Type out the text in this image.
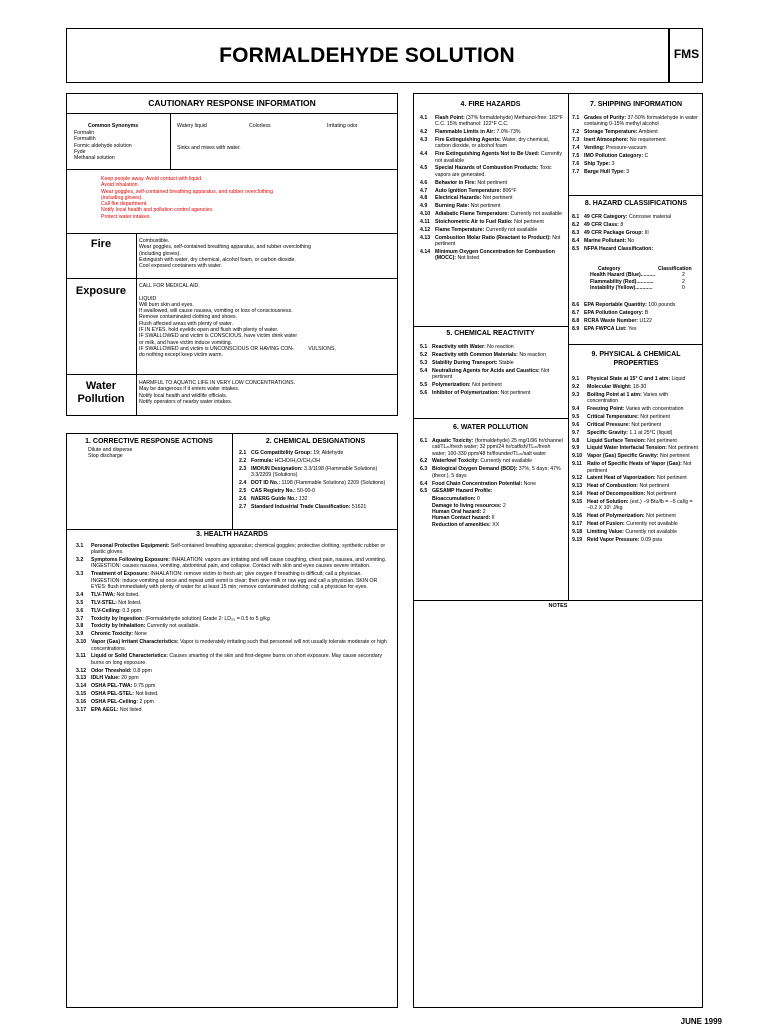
FORMALDEHYDE SOLUTION	FMS
CAUTIONARY RESPONSE INFORMATION
Common Synonyms
Formalin
Formalith
Formic aldehyde solution
Fyde
Methanal solution
Watery liquid	Colorless	Irritating odor
Sinks and mixes with water.
Keep people away. Avoid contact with liquid.
Avoid inhalation.
Wear goggles, self-contained breathing apparatus, and rubber overclothing
(including gloves).
Call fire department.
Notify local health and pollution control agencies.
Protect water intakes.
Fire	Combustible.
Wear goggles, self-contained breathing apparatus, and rubber overclothing
(including gloves).
Extinguish with water, dry chemical, alcohol foam, or carbon dioxide.
Cool exposed containers with water.
Exposure	CALL FOR MEDICAL AID.
LIQUID
Will burn skin and eyes.
If swallowed, will cause nausea, vomiting or loss of consciousness.
Remove contaminated clothing and shoes.
Flush affected areas with plenty of water.
IF IN EYES, hold eyelids open and flush with plenty of water.
IF SWALLOWED and victim is CONSCIOUS, have victim drink water
or milk, and have victim induce vomiting.
IF SWALLOWED and victim is UNCONSCIOUS OR HAVING CON-          VULSIONS,
do nothing except keep victim warm.
Water
Pollution
HARMFUL TO AQUATIC LIFE IN VERY LOW CONCENTRATIONS.
May be dangerous if it enters water intakes.
Notify local health and wildlife officials.
Notify operators of nearby water intakes.
1. CORRECTIVE RESPONSE ACTIONS
Dilute and disperse
Stop discharge
2. CHEMICAL DESIGNATIONS
2.1 CG Compatibility Group: 19; Aldehyde
2.2 Formula: HCHO/H₂O/CH₃OH
2.3 IMO/UN Designation: 3.3/1198 (Flammable Solutions) 3.3/2209 (Solutions)
2.4 DOT ID No.: 1198 (Flammable Solutions) 2209 (Solutions)
2.5 CAS Registry No.: 50-00-0
2.6 NAERG Guide No.: 132
2.7 Standard Industrial Trade Classification: 51621
3. HEALTH HAZARDS
3.1	Personal Protective Equipment: Self-contained breathing apparatus; chemical goggles; protective clothing; synthetic rubber or plastic gloves.
3.2	Symptoms Following Exposure: INHALATION: vapors are irritating and will cause coughing, chest pain, nausea, and vomiting. INGESTION: causes nausea, vomiting, abdominal pain, and collapse. Contact with skin and eyes causes severe irritation.
3.3	Treatment of Exposure: INHALATION: remove victim to fresh air; give oxygen if breathing is difficult; call a physician. INGESTION: induce vomiting at once and repeat until vomit is clear; then give milk or raw egg and call a physician. SKIN OR EYES: flush immediately with plenty of water for at least 15 min; remove contaminated clothing; call a physician for eyes.
3.4	TLV-TWA: Not listed.
3.5	TLV-STEL: Not listed.
3.6	TLV-Ceiling: 0.3 ppm
3.7	Toxicity by Ingestion: (Formaldehyde solution) Grade 2: LD₅₀ = 0.5 to 5 g/kg
3.8	Toxicity by Inhalation: Currently not available.
3.9	Chronic Toxicity: None
3.10 Vapor (Gas) Irritant Characteristics: Vapor is moderately irritating such that personnel will not usually tolerate moderate or high concentrations.
3.11 Liquid or Solid Characteristics: Causes smarting of the skin and first-degree burns on short exposure. May cause secondary burns on long exposure.
3.12 Odor Threshold: 0.8 ppm
3.13 IDLH Value: 20 ppm
3.14 OSHA PEL-TWA: 0.75 ppm
3.15 OSHA PEL-STEL: Not listed.
3.16 OSHA PEL-Ceiling: 2 ppm
3.17 EPA AEGL: Not listed
4. FIRE HAZARDS
4.1	Flash Point: (37% formaldehyde) Methanol-free: 182°F C.C. 15% methanol: 122°F C.C.
4.2	Flammable Limits in Air: 7.0%-73%
4.3	Fire Extinguishing Agents: Water, dry chemical, carbon dioxide, or alcohol foam
4.4	Fire Extinguishing Agents Not to Be Used: Currently not available
4.5	Special Hazards of Combustion Products: Toxic vapors are generated.
4.6	Behavior in Fire: Not pertinent
4.7	Auto Ignition Temperature: 806°F
4.8	Electrical Hazards: Not pertinent
4.9	Burning Rate: Not pertinent
4.10 Adiabatic Flame Temperature: Currently not available
4.11 Stoichometric Air to Fuel Ratio: Not pertinent
4.12 Flame Temperature: Currently not available
4.13 Combustion Molar Ratio (Reactant to Product): Not pertinent
4.14 Minimum Oxygen Concentration for Combustion (MOCC): Not listed
5. CHEMICAL REACTIVITY
5.1 Reactivity with Water: No reaction
5.2 Reactivity with Common Materials: No reaction
5.3 Stability During Transport: Stable
5.4 Neutralizing Agents for Acids and Caustics: Not pertinent
5.5 Polymerization: Not pertinent
5.6 Inhibitor of Polymerization: Not pertinent
6. WATER POLLUTION
6.1 Aquatic Toxicity: (formaldehyde) 25 mg/1/96 hr/channel cat/TLₘ/fresh water; 32 ppm/24 hr/catfish/TLₘ/fresh water; 100-330 ppm/48 hr/flounder/TLₘ/salt water
6.2 Waterfowl Toxicity: Currently not available
6.3 Biological Oxygen Demand (BOD): 37%, 5 days; 47% (theor.), 5 days
6.4 Food Chain Concentration Potential: None
6.5 GESAMP Hazard Profile:
Bioaccumulation: 0
Damage to living resources: 2
Human Oral hazard: 2
Human Contact hazard: II
Reduction of amenities: XX
7. SHIPPING INFORMATION
7.1 Grades of Purity: 37-50% formaldehyde in water containing 0-15% methyl alcohol
7.2 Storage Temperature: Ambient
7.3 Inert Atmosphere: No requirement
7.4 Venting: Pressure-vacuum
7.5 IMO Pollution Category: C
7.6 Ship Type: 3
7.7 Barge Hull Type: 3
8. HAZARD CLASSIFICATIONS
8.1 49 CFR Category: Corrosive material
8.2 49 CFR Class: 8
8.3 49 CFR Package Group: III
8.4 Marine Pollutant: No
8.5 NFPA Hazard Classification:
Category	Classification
Health Hazard (Blue)..........	2
Flammability (Red)............	2
Instability (Yellow)............	0
8.6 EPA Reportable Quantity: 100 pounds
8.7 EPA Pollution Category: B
8.8 RCRA Waste Number: U122
8.9 EPA FWPCA List: Yes
9. PHYSICAL & CHEMICAL PROPERTIES
9.1	Physical State at 15° C and 1 atm: Liquid
9.2	Molecular Weight: 18-30
9.3	Boiling Point at 1 atm: Varies with concentration
9.4	Freezing Point: Varies with concentration
9.5	Critical Temperature: Not pertinent
9.6	Critical Pressure: Not pertinent
9.7	Specific Gravity: 1.1 at 25°C (liquid)
9.8	Liquid Surface Tension: Not pertinent
9.9	Liquid Water Interfacial Tension: Not pertinent
9.10 Vapor (Gas) Specific Gravity: Not pertinent
9.11 Ratio of Specific Heats of Vapor (Gas): Not pertinent
9.12 Latent Heat of Vaporization: Not pertinent
9.13 Heat of Combustion: Not pertinent
9.14 Heat of Decomposition: Not pertinent
9.15 Heat of Solution: (est.) −9 Btu/lb = −5 cal/g = −0.2 X 10⁵ J/kg
9.16 Heat of Polymerization: Not pertinent
9.17 Heat of Fusion: Currently not available
9.18 Limiting Value: Currently not available
9.19 Reid Vapor Pressure: 0.09 psia
NOTES
JUNE 1999
